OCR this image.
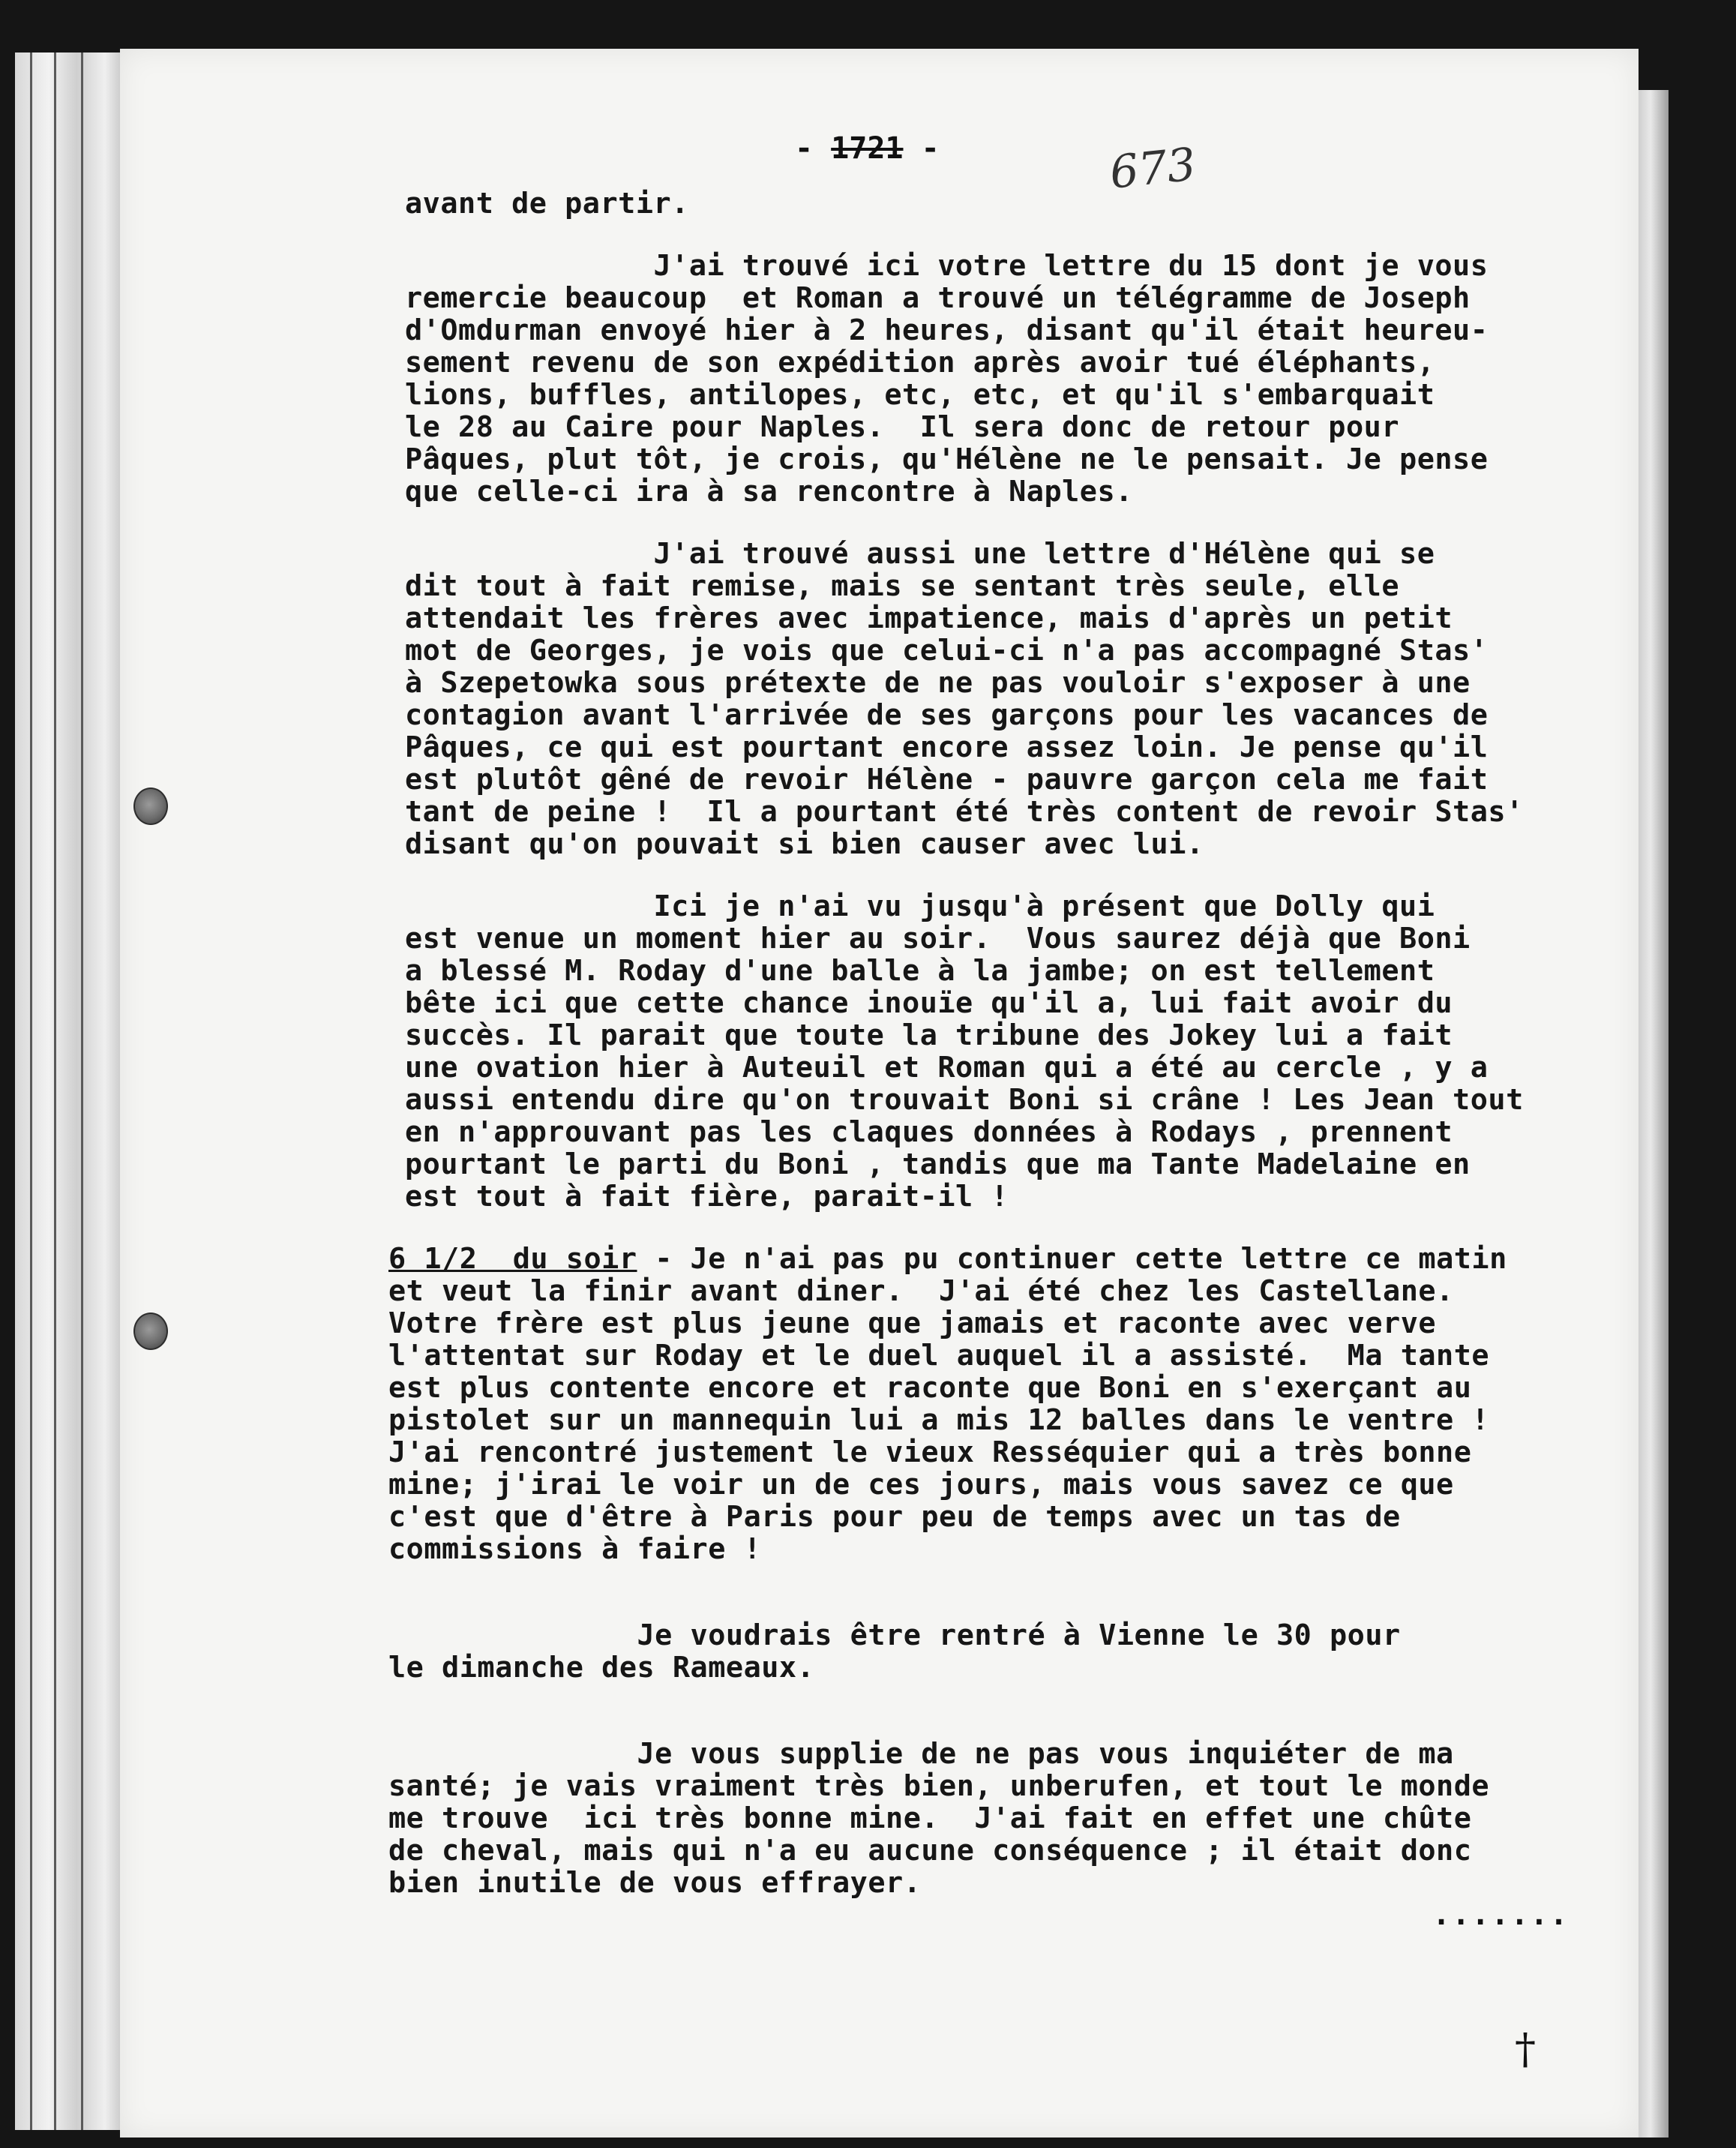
- 1721 -	673

avant de partir.

J'ai trouvé ici votre lettre du 15 dont je vous

remercie beaucoup  et Roman a trouvé un télégramme de Joseph

d'Omdurman envoyé hier à 2 heures, disant qu'il était heureu-

sement revenu de son expédition après avoir tué éléphants,

lions, buffles, antilopes, etc, etc, et qu'il s'embarquait

le 28 au Caire pour Naples.  Il sera donc de retour pour

Pâques, plut tôt, je crois, qu'Hélène ne le pensait. Je pense

que celle-ci ira à sa rencontre à Naples.

J'ai trouvé aussi une lettre d'Hélène qui se

dit tout à fait remise, mais se sentant très seule, elle

attendait les frères avec impatience, mais d'après un petit

mot de Georges, je vois que celui-ci n'a pas accompagné Stas'

à Szepetowka sous prétexte de ne pas vouloir s'exposer à une

contagion avant l'arrivée de ses garçons pour les vacances de

Pâques, ce qui est pourtant encore assez loin. Je pense qu'il

est plutôt gêné de revoir Hélène - pauvre garçon cela me fait

tant de peine !  Il a pourtant été très content de revoir Stas'

disant qu'on pouvait si bien causer avec lui.

Ici je n'ai vu jusqu'à présent que Dolly qui

est venue un moment hier au soir.  Vous saurez déjà que Boni

a blessé M. Roday d'une balle à la jambe; on est tellement

bête ici que cette chance inouïe qu'il a, lui fait avoir du

succès. Il parait que toute la tribune des Jokey lui a fait

une ovation hier à Auteuil et Roman qui a été au cercle , y a

aussi entendu dire qu'on trouvait Boni si crâne ! Les Jean tout

en n'approuvant pas les claques données à Rodays , prennent

pourtant le parti du Boni , tandis que ma Tante Madelaine en

est tout à fait fière, parait-il !

6 1/2  du soir - Je n'ai pas pu continuer cette lettre ce matin

et veut la finir avant diner.  J'ai été chez les Castellane.

Votre frère est plus jeune que jamais et raconte avec verve

l'attentat sur Roday et le duel auquel il a assisté.  Ma tante

est plus contente encore et raconte que Boni en s'exerçant au

pistolet sur un mannequin lui a mis 12 balles dans le ventre !

J'ai rencontré justement le vieux Resséquier qui a très bonne

mine; j'irai le voir un de ces jours, mais vous savez ce que

c'est que d'être à Paris pour peu de temps avec un tas de

commissions à faire !

Je voudrais être rentré à Vienne le 30 pour

le dimanche des Rameaux.

Je vous supplie de ne pas vous inquiéter de ma

santé; je vais vraiment très bien, unberufen, et tout le monde

me trouve  ici très bonne mine.  J'ai fait en effet une chûte

de cheval, mais qui n'a eu aucune conséquence ; il était donc

bien inutile de vous effrayer.

.......
†
